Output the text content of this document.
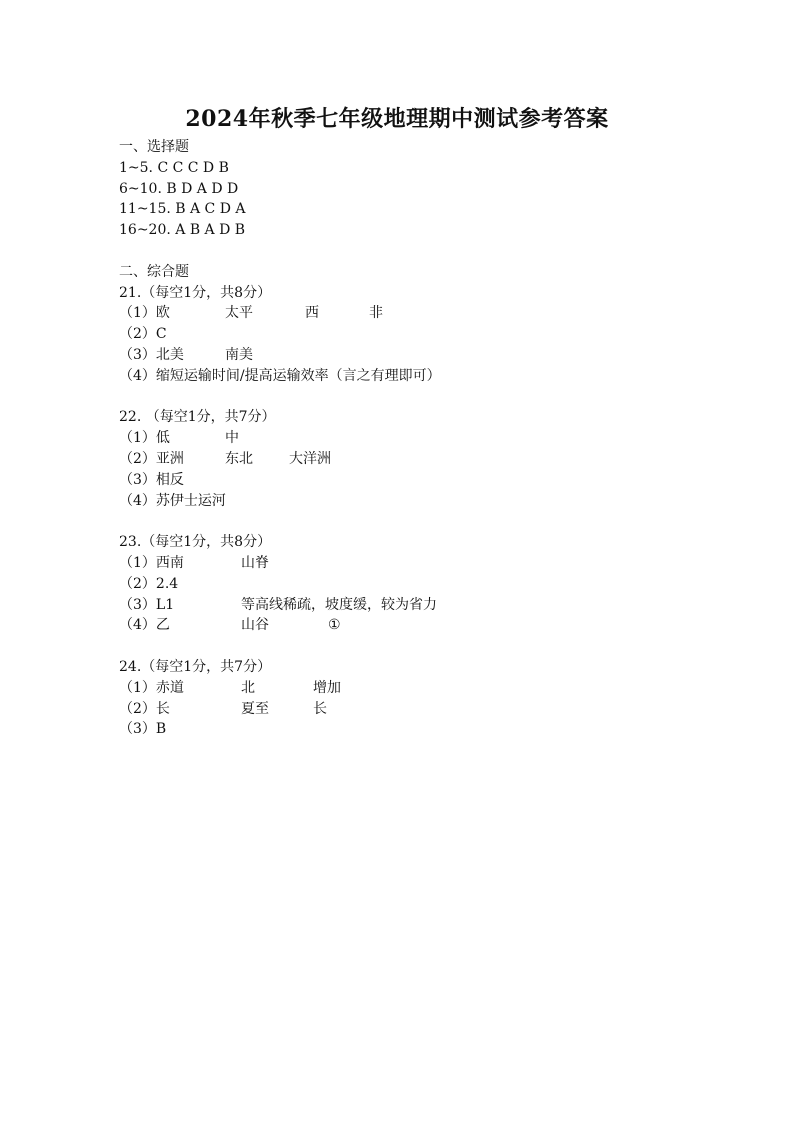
2024年秋季七年级地理期中测试参考答案
一、选择题
1~5. C C C D B
6~10. B D A D D
11~15. B A C D A
16~20. A B A D B
二、综合题
21.（每空1分，共8分）

（1）欧

	太平

	西

	非

（2）C

（3）北美

	南美

（4）缩短运输时间/提高运输效率（言之有理即可）

22. （每空1分，共7分）

（1）低

	中

（2）亚洲

	东北

	大洋洲

（3）相反

（4）苏伊士运河

23.（每空1分，共8分）

（1）西南

	山脊

（2）2.4

（3）L1

	等高线稀疏，坡度缓，较为省力

（4）乙

	山谷

	①

24.（每空1分，共7分）

（1）赤道

	北

	增加

（2）长

	夏至

	长

（3）B
